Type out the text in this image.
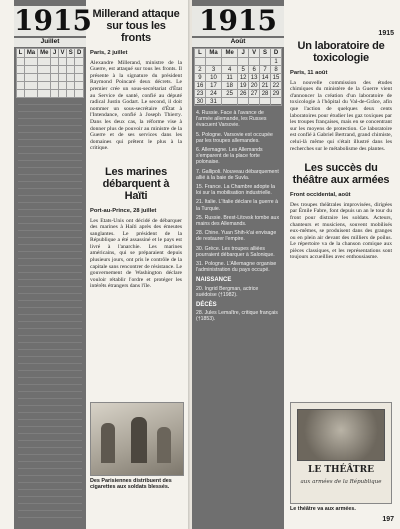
1915
Juillet
L	Ma	Me	J	V	S	D

Millerand attaque sur tous les fronts
Paris, 2 juillet
Alexandre Millerand, ministre de la Guerre, est attaqué sur tous les fronts. Il présente à la signature du président Raymond Poincaré deux décrets. Le premier crée un sous-secrétariat d'État au Service de santé, confié au député radical Justin Godart. Le second, il doit nommer un sous-secrétaire d'État à l'Intendance, confié à Joseph Thierry. Dans les deux cas, la réforme vise à donner plus de pouvoir au ministre de la Guerre et de ses services dans les domaines qui prêtent le plus à la critique.
Les marines débarquent à Haïti
Port-au-Prince, 28 juillet
Les Etats-Unis ont décidé de débarquer des marines à Haïti après des émeutes sanglantes. Le président de la République a été assassiné et le pays est livré à l'anarchie. Les marines américains, qui se préparaient depuis plusieurs jours, ont pris le contrôle de la capitale sans rencontrer de résistance. Le gouvernement de Washington déclare vouloir rétablir l'ordre et protéger les intérêts étrangers dans l'île.
Des Parisiennes distribuent des cigarettes aux soldats blessés.
1915
Août
L	Ma	Me	J	V	S	D
						1
2	3	4	5	6	7	8
9	10	11	12	13	14	15
16	17	18	19	20	21	22
23	24	25	26	27	28	29
30	31					
4. Russie. Face à l'avance de l'armée allemande, les Russes évacuent Varsovie.
5. Pologne. Varsovie est occupée par les troupes allemandes.
6. Allemagne. Les Allemands s'emparent de la place forte polonaise.
7. Gallipoli. Nouveau débarquement allié à la baie de Suvla.
15. France. La Chambre adopte la loi sur la mobilisation industrielle.
21. Italie. L'Italie déclare la guerre à la Turquie.
25. Russie. Brest-Litovsk tombe aux mains des Allemands.
28. Chine. Yuan Shih-k'ai envisage de restaurer l'empire.
30. Grèce. Les troupes alliées pourraient débarquer à Salonique.
31. Pologne. L'Allemagne organise l'administration du pays occupé.
NAISSANCE
20. Ingrid Bergman, actrice suédoise (†1982).
DÉCÈS
28. Jules Lemaître, critique français (†1853).
1915
Un laboratoire de toxicologie
Paris, 11 août
La nouvelle commission des études chimiques du ministère de la Guerre vient d'annoncer la création d'un laboratoire de toxicologie à l'hôpital du Val-de-Grâce, afin que l'action de quelques deux cents laboratoires pour étudier les gaz toxiques par les troupes françaises, mais en se concentrant sur les moyens de protection. Ce laboratoire est confié à Gabriel Bertrand, grand chimiste, celui-là même qui s'était illustré dans les recherches sur le métabolisme des plantes.
Les succès du théâtre aux armées
Front occidental, août
Des troupes théâtrales improvisées, dirigées par Émile Fabre, font depuis un an le tour du front pour distraire les soldats. Acteurs, chanteurs et musiciens, souvent mobilisés eux-mêmes, se produisent dans des granges ou en plein air devant des milliers de poilus. Le répertoire va de la chanson comique aux pièces classiques, et les représentations sont toujours accueillies avec enthousiasme.
LE THÉÂTRE
aux armées de la République
Le théâtre va aux armées.
197
